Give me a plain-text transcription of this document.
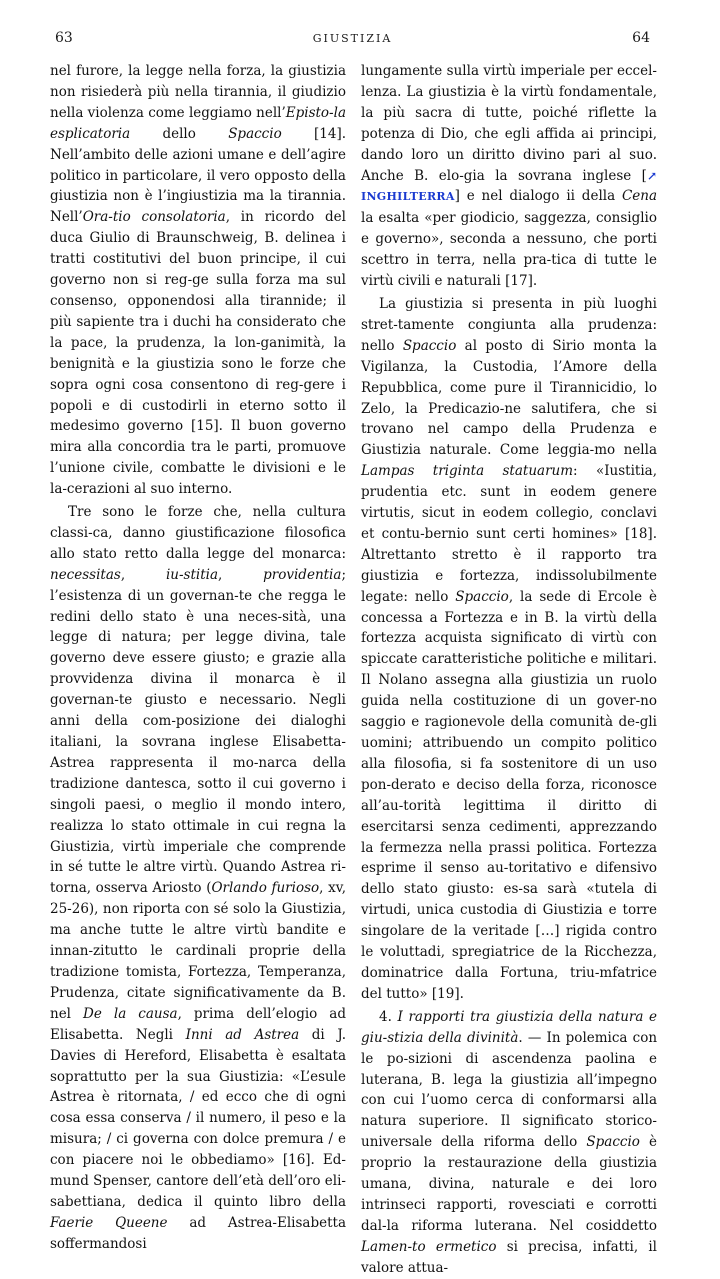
63	GIUSTIZIA	64

nel furore, la legge nella forza, la giustizia non risiederà più nella tirannia, il giudizio nella violenza come leggiamo nell’Episto-la esplicatoria dello Spaccio [14]. Nell’ambito delle azioni umane e dell’agire politico in particolare, il vero opposto della giustizia non è l’ingiustizia ma la tirannia. Nell’Ora-tio consolatoria, in ricordo del duca Giulio di Braunschweig, B. delinea i tratti costitutivi del buon principe, il cui governo non si reg-ge sulla forza ma sul consenso, opponendosi alla tirannide; il più sapiente tra i duchi ha considerato che la pace, la prudenza, la lon-ganimità, la benignità e la giustizia sono le forze che sopra ogni cosa consentono di reg-gere i popoli e di custodirli in eterno sotto il medesimo governo [15]. Il buon governo mira alla concordia tra le parti, promuove l’unione civile, combatte le divisioni e le la-cerazioni al suo interno.

Tre sono le forze che, nella cultura classi-ca, danno giustificazione filosofica allo stato retto dalla legge del monarca: necessitas, iu-stitia, providentia; l’esistenza di un governan-te che regga le redini dello stato è una neces-sità, una legge di natura; per legge divina, tale governo deve essere giusto; e grazie alla provvidenza divina il monarca è il governan-te giusto e necessario. Negli anni della com-posizione dei dialoghi italiani, la sovrana inglese Elisabetta-Astrea rappresenta il mo-narca della tradizione dantesca, sotto il cui governo i singoli paesi, o meglio il mondo intero, realizza lo stato ottimale in cui regna la Giustizia, virtù imperiale che comprende in sé tutte le altre virtù. Quando Astrea ri-torna, osserva Ariosto (Orlando furioso, xv, 25-26), non riporta con sé solo la Giustizia, ma anche tutte le altre virtù bandite e innan-zitutto le cardinali proprie della tradizione tomista, Fortezza, Temperanza, Prudenza, citate significativamente da B. nel De la causa, prima dell’elogio ad Elisabetta. Negli Inni ad Astrea di J. Davies di Hereford, Elisabetta è esaltata soprattutto per la sua Giustizia: «L’esule Astrea è ritornata, / ed ecco che di ogni cosa essa conserva / il numero, il peso e la misura; / ci governa con dolce premura / e con piacere noi le obbediamo» [16]. Ed-mund Spenser, cantore dell’età dell’oro eli-sabettiana, dedica il quinto libro della Faerie Queene ad Astrea-Elisabetta soffermandosi

lungamente sulla virtù imperiale per eccel-lenza. La giustizia è la virtù fondamentale, la più sacra di tutte, poiché riflette la potenza di Dio, che egli affida ai principi, dando loro un diritto divino pari al suo. Anche B. elo-gia la sovrana inglese [↗ INGHILTERRA] e nel dialogo ii della Cena la esalta «per giodicio, saggezza, consiglio e governo», seconda a nessuno, che porti scettro in terra, nella pra-tica di tutte le virtù civili e naturali [17].

La giustizia si presenta in più luoghi stret-tamente congiunta alla prudenza: nello Spaccio al posto di Sirio monta la Vigilanza, la Custodia, l’Amore della Repubblica, come pure il Tirannicidio, lo Zelo, la Predicazio-ne salutifera, che si trovano nel campo della Prudenza e Giustizia naturale. Come leggia-mo nella Lampas triginta statuarum: «Iustitia, prudentia etc. sunt in eodem genere virtutis, sicut in eodem collegio, conclavi et contu-bernio sunt certi homines» [18]. Altrettanto stretto è il rapporto tra giustizia e fortezza, indissolubilmente legate: nello Spaccio, la sede di Ercole è concessa a Fortezza e in B. la virtù della fortezza acquista significato di virtù con spiccate caratteristiche politiche e militari. Il Nolano assegna alla giustizia un ruolo guida nella costituzione di un gover-no saggio e ragionevole della comunità de-gli uomini; attribuendo un compito politico alla filosofia, si fa sostenitore di un uso pon-derato e deciso della forza, riconosce all’au-torità legittima il diritto di esercitarsi senza cedimenti, apprezzando la fermezza nella prassi politica. Fortezza esprime il senso au-toritativo e difensivo dello stato giusto: es-sa sarà «tutela di virtudi, unica custodia di Giustizia e torre singolare de la veritade […] rigida contro le voluttadi, spregiatrice de la Ricchezza, dominatrice dalla Fortuna, triu-mfatrice del tutto» [19].

4. I rapporti tra giustizia della natura e giu-stizia della divinità. — In polemica con le po-sizioni di ascendenza paolina e luterana, B. lega la giustizia all’impegno con cui l’uomo cerca di conformarsi alla natura superiore. Il significato storico-universale della riforma dello Spaccio è proprio la restaurazione della giustizia umana, divina, naturale e dei loro intrinseci rapporti, rovesciati e corrotti dal-la riforma luterana. Nel cosiddetto Lamen-to ermetico si precisa, infatti, il valore attua-
